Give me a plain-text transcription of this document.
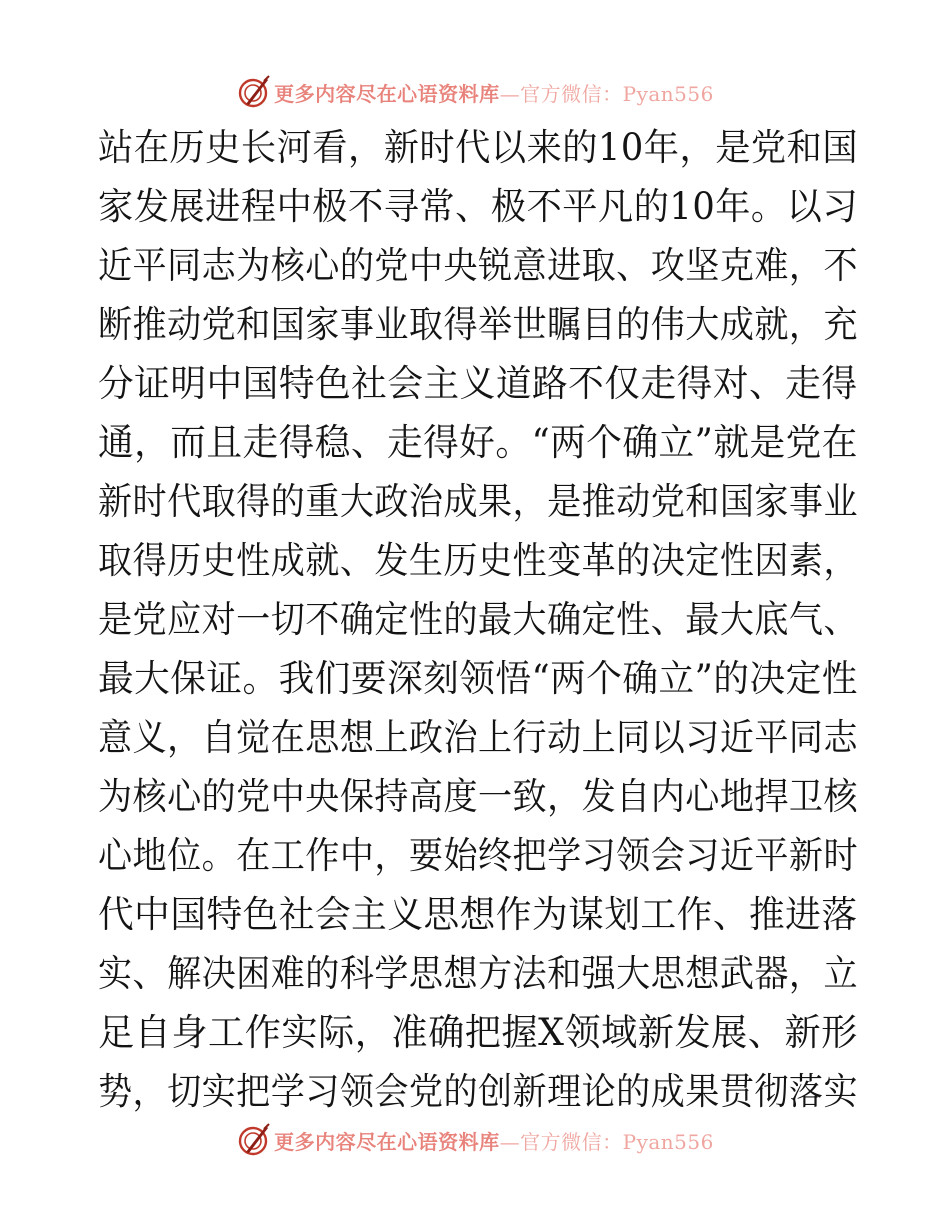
更多内容尽在心语资料库—官方微信：Pyan556
站在历史长河看，新时代以来的10年，是党和国
家发展进程中极不寻常、极不平凡的10年。以习
近平同志为核心的党中央锐意进取、攻坚克难，不
断推动党和国家事业取得举世瞩目的伟大成就，充
分证明中国特色社会主义道路不仅走得对、走得
通，而且走得稳、走得好。“两个确立”就是党在
新时代取得的重大政治成果，是推动党和国家事业
取得历史性成就、发生历史性变革的决定性因素，
是党应对一切不确定性的最大确定性、最大底气、
最大保证。我们要深刻领悟“两个确立”的决定性
意义，自觉在思想上政治上行动上同以习近平同志
为核心的党中央保持高度一致，发自内心地捍卫核
心地位。在工作中，要始终把学习领会习近平新时
代中国特色社会主义思想作为谋划工作、推进落
实、解决困难的科学思想方法和强大思想武器，立
足自身工作实际，准确把握X领域新发展、新形
势，切实把学习领会党的创新理论的成果贯彻落实
更多内容尽在心语资料库—官方微信：Pyan556
